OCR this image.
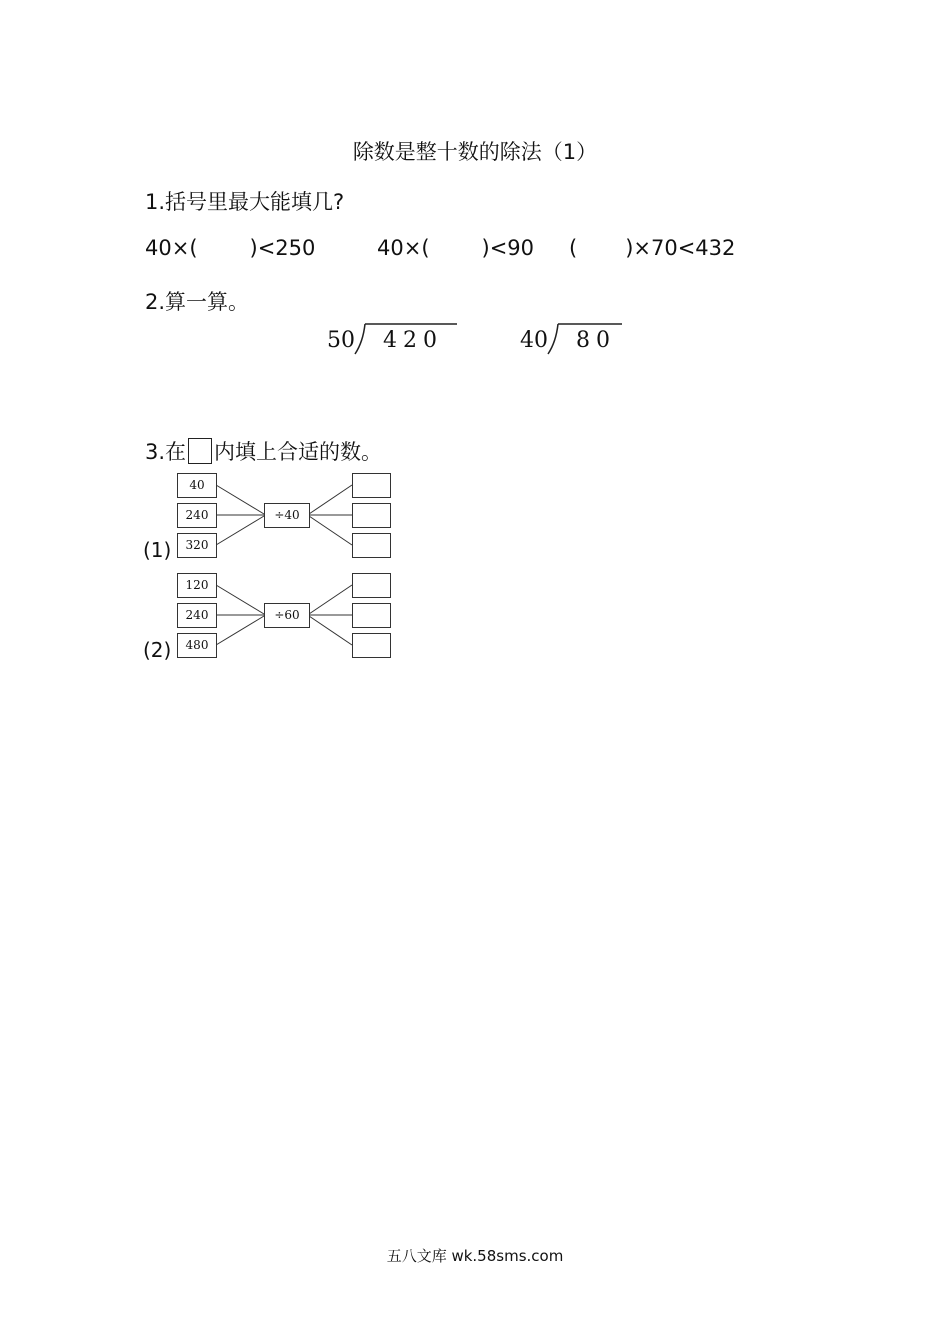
除数是整十数的除法（1）
1.括号里最大能填几?
40×( )<250	40×( )<90 ( )×70<432
2.算一算。
50 420	40 80
3.在 内填上合适的数。
40
240
320
÷40
(1)
120
240
480
÷60
(2)
五八文库 wk.58sms.com
